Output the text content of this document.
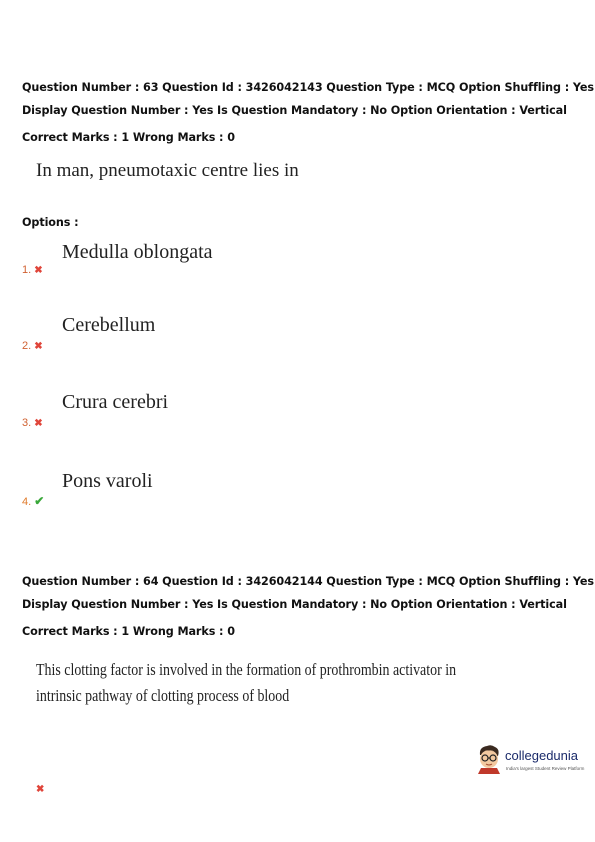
Question Number : 63 Question Id : 3426042143 Question Type : MCQ Option Shuffling : Yes
Display Question Number : Yes Is Question Mandatory : No Option Orientation : Vertical
Correct Marks : 1 Wrong Marks : 0
In man, pneumotaxic centre lies in
Options :
Medulla oblongata
1. ✖
Cerebellum
2. ✖
Crura cerebri
3. ✖
Pons varoli
4. ✔
Question Number : 64 Question Id : 3426042144 Question Type : MCQ Option Shuffling : Yes
Display Question Number : Yes Is Question Mandatory : No Option Orientation : Vertical
Correct Marks : 1 Wrong Marks : 0
This clotting factor is involved in the formation of prothrombin activator in
intrinsic pathway of clotting process of blood
✖
collegedunia
India's largest Student Review Platform
